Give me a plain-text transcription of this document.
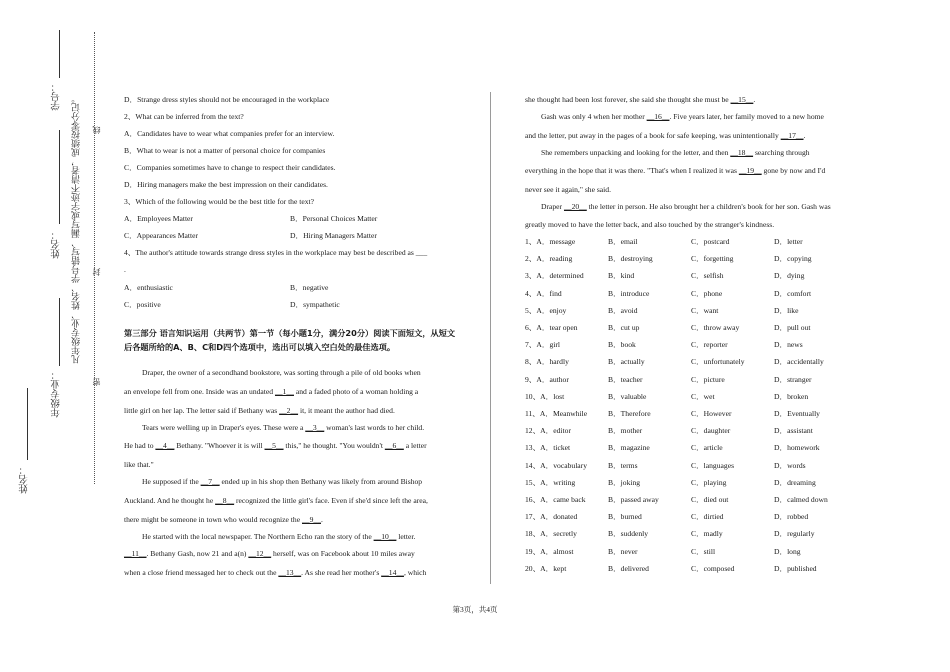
姓名：
年级专业：
姓名：
学号： 凡年级专业、姓名、学号错写、漏写或字迹不清者，成绩按零分记。
密
封
线
D．Strange dress styles should not be encouraged in the workplace
2、What can be inferred from the text?
A．Candidates have to wear what companies prefer for an interview.
B．What to wear is not a matter of personal choice for companies
C．Companies sometimes have to change to respect their candidates.
D．Hiring managers make the best impression on their candidates.
3、Which of the following would be the best title for the text?
A．Employees Matter	B．Personal Choices Matter
C．Appearances Matter	D．Hiring Managers Matter
4、The author's attitude towards strange dress styles in the workplace may best be described as ___
.
A．enthusiastic	B．negative
C．positive	D．sympathetic
第三部分 语言知识运用（共两节）第一节（每小题1分，满分20分）阅读下面短文，从短文后各题所给的A、B、C和D四个选项中，选出可以填入空白处的最佳选项。
Draper, the owner of a secondhand bookstore, was sorting through a pile of old books when
an envelope fell from one. Inside was an undated __1__ and a faded photo of a woman holding a
little girl on her lap. The letter said if Bethany was __2__ it, it meant the author had died.
Tears were welling up in Draper's eyes. These were a __3__ woman's last words to her child.
He had to __4__ Bethany. "Whoever it is will __5__ this," he thought. "You wouldn't __6__ a letter
like that."
He supposed if the __7__ ended up in his shop then Bethany was likely from around Bishop
Auckland. And he thought he __8__ recognized the little girl's face. Even if she'd since left the area,
there might be someone in town who would recognize the __9__.
He started with the local newspaper. The Northern Echo ran the story of the __10__ letter.
__11__. Bethany Gash, now 21 and a(n) __12__ herself, was on Facebook about 10 miles away
when a close friend messaged her to check out the __13__. As she read her mother's __14__, which
she thought had been lost forever, she said she thought she must be __15__.
Gash was only 4 when her mother __16__. Five years later, her family moved to a new home
and the letter, put away in the pages of a book for safe keeping, was unintentionally __17__.
She remembers unpacking and looking for the letter, and then __18__ searching through
everything in the hope that it was there. "That's when I realized it was __19__ gone by now and I'd
never see it again," she said.
Draper __20__ the letter in person. He also brought her a children's book for her son. Gash was
greatly moved to have the letter back, and also touched by the stranger's kindness.
1、A．message	B．email	C．postcard	D．letter
2、A．reading	B．destroying	C．forgetting	D．copying
3、A．determined	B．kind	C．selfish	D．dying
4、A．find	B．introduce	C．phone	D．comfort
5、A．enjoy	B．avoid	C．want	D．like
6、A．tear open	B．cut up	C．throw away	D．pull out
7、A．girl	B．book	C．reporter	D．news
8、A．hardly	B．actually	C．unfortunately	D．accidentally
9、A．author	B．teacher	C．picture	D．stranger
10、A．lost	B．valuable	C．wet	D．broken
11、A．Meanwhile	B．Therefore	C．However	D．Eventually
12、A．editor	B．mother	C．daughter	D．assistant
13、A．ticket	B．magazine	C．article	D．homework
14、A．vocabulary	B．terms	C．languages	D．words
15、A．writing	B．joking	C．playing	D．dreaming
16、A．came back	B．passed away	C．died out	D．calmed down
17、A．donated	B．burned	C．dirtied	D．robbed
18、A．secretly	B．suddenly	C．madly	D．regularly
19、A．almost	B．never	C．still	D．long
20、A．kept	B．delivered	C．composed	D．published
第3页，共4页
